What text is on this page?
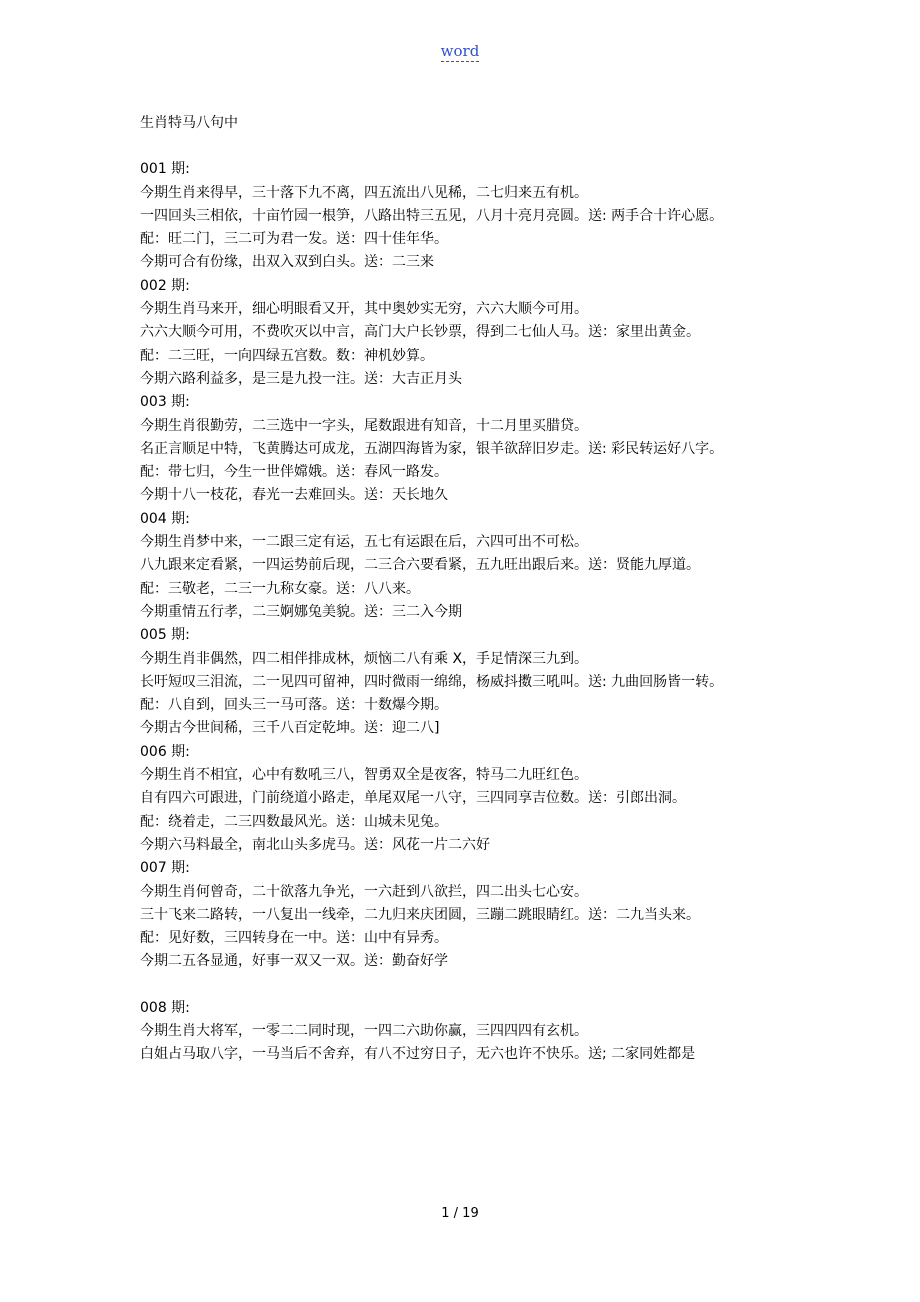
word
生肖特马八句中

001 期:

今期生肖来得早，三十落下九不离，四五流出八见稀，二七归来五有机。

一四回头三相依，十亩竹园一根笋，八路出特三五见，八月十亮月亮圆。送: 两手合十许心愿。

配：旺二门，三二可为君一发。送：四十佳年华。

今期可合有份缘，出双入双到白头。送：二三来

002 期:

今期生肖马来开，细心明眼看又开，其中奥妙实无穷，六六大顺今可用。

六六大顺今可用，不费吹灭以中言，高门大户长钞票，得到二七仙人马。送：家里出黄金。

配：二三旺，一向四绿五宫数。数：神机妙算。

今期六路利益多，是三是九投一注。送：大吉正月头

003 期:

今期生肖很勤劳，二三选中一字头，尾数跟进有知音，十二月里买腊贷。

名正言顺足中特，飞黄腾达可成龙，五湖四海皆为家，银羊欲辞旧岁走。送: 彩民转运好八字。

配：带七归，今生一世伴嫦娥。送：春风一路发。

今期十八一枝花，春光一去难回头。送：天长地久

004 期:

今期生肖梦中来，一二跟三定有运，五七有运跟在后，六四可出不可松。

八九跟来定看紧，一四运势前后现，二三合六要看紧，五九旺出跟后来。送：贤能九厚道。

配：三敬老，二三一九称女豪。送：八八来。

今期重情五行孝，二三婀娜兔美貌。送：三二入今期

005 期:

今期生肖非偶然，四二相伴排成林，烦恼二八有乘 X，手足情深三九到。

长吁短叹三泪流，二一见四可留神，四时微雨一绵绵，杨威抖擞三吼叫。送: 九曲回肠皆一转。

配：八自到，回头三一马可落。送：十数爆今期。

今期古今世间稀，三千八百定乾坤。送：迎二八]

006 期:

今期生肖不相宜，心中有数吼三八，智勇双全是夜客，特马二九旺红色。

自有四六可跟进，门前绕道小路走，单尾双尾一八守，三四同享吉位数。送：引郎出洞。

配：绕着走，二三四数最风光。送：山城未见兔。

今期六马料最全，南北山头多虎马。送：风花一片二六好

007 期:

今期生肖何曾奇，二十欲落九争光，一六赶到八欲拦，四二出头七心安。

三十飞来二路转，一八复出一线牵，二九归来庆团圆，三蹦二跳眼睛红。送：二九当头来。

配：见好数，三四转身在一中。送：山中有异秀。

今期二五各显通，好事一双又一双。送：勤奋好学

008 期:

今期生肖大将军，一零二二同时现，一四二六助你赢，三四四四有玄机。

白姐占马取八字，一马当后不舍弃，有八不过穷日子，无六也许不快乐。送; 二家同姓都是

1 / 19
